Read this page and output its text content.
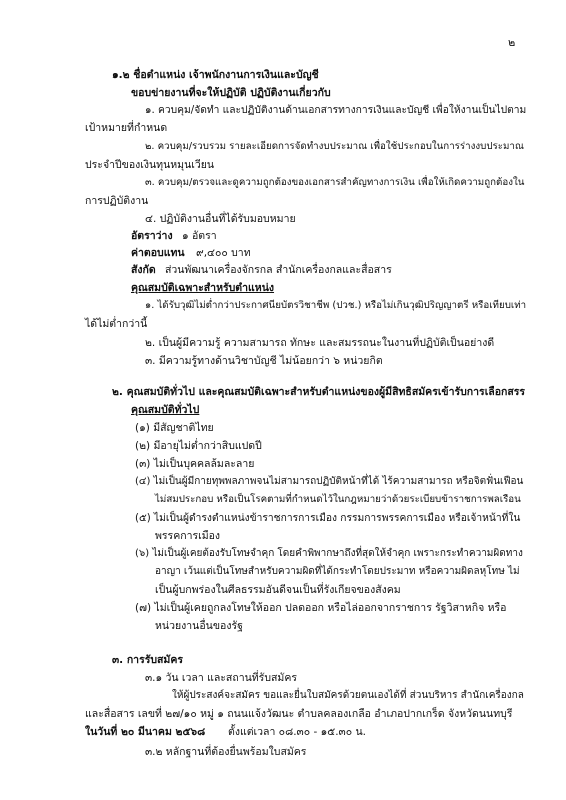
๒
๑.๒ ชื่อตำแหน่ง เจ้าพนักงานการเงินและบัญชี
ขอบข่ายงานที่จะให้ปฏิบัติ ปฏิบัติงานเกี่ยวกับ
๑. ควบคุม/จัดทำ และปฏิบัติงานด้านเอกสารทางการเงินและบัญชี เพื่อให้งานเป็นไปตาม
เป้าหมายที่กำหนด
๒. ควบคุม/รวบรวม รายละเอียดการจัดทำงบประมาณ เพื่อใช้ประกอบในการร่างงบประมาณ
ประจำปีของเงินทุนหมุนเวียน
๓. ควบคุม/ตรวจและดูความถูกต้องของเอกสารสำคัญทางการเงิน เพื่อให้เกิดความถูกต้องใน
การปฏิบัติงาน
๔. ปฏิบัติงานอื่นที่ได้รับมอบหมาย
อัตราว่าง ๑ อัตรา
ค่าตอบแทน ๙,๔๐๐ บาท
สังกัด ส่วนพัฒนาเครื่องจักรกล สำนักเครื่องกลและสื่อสาร
คุณสมบัติเฉพาะสำหรับตำแหน่ง
๑. ได้รับวุฒิไม่ต่ำกว่าประกาศนียบัตรวิชาชีพ (ปวช.) หรือไม่เกินวุฒิปริญญาตรี หรือเทียบเท่า
ได้ไม่ต่ำกว่านี้
๒. เป็นผู้มีความรู้ ความสามารถ ทักษะ และสมรรถนะในงานที่ปฏิบัติเป็นอย่างดี
๓. มีความรู้ทางด้านวิชาบัญชี ไม่น้อยกว่า ๖ หน่วยกิต
๒. คุณสมบัติทั่วไป และคุณสมบัติเฉพาะสำหรับตำแหน่งของผู้มีสิทธิสมัครเข้ารับการเลือกสรร
คุณสมบัติทั่วไป
(๑) มีสัญชาติไทย
(๒) มีอายุไม่ต่ำกว่าสิบแปดปี
(๓) ไม่เป็นบุคคลล้มละลาย
(๔) ไม่เป็นผู้มีกายทุพพลภาพจนไม่สามารถปฏิบัติหน้าที่ได้ ไร้ความสามารถ หรือจิตฟั่นเฟือน
ไม่สมประกอบ หรือเป็นโรคตามที่กำหนดไว้ในกฎหมายว่าด้วยระเบียบข้าราชการพลเรือน
(๕) ไม่เป็นผู้ดำรงตำแหน่งข้าราชการการเมือง กรรมการพรรคการเมือง หรือเจ้าหน้าที่ใน
พรรคการเมือง
(๖) ไม่เป็นผู้เคยต้องรับโทษจำคุก โดยคำพิพากษาถึงที่สุดให้จำคุก เพราะกระทำความผิดทาง
อาญา เว้นแต่เป็นโทษสำหรับความผิดที่ได้กระทำโดยประมาท หรือความผิดลหุโทษ ไม่
เป็นผู้บกพร่องในศีลธรรมอันดีจนเป็นที่รังเกียจของสังคม
(๗) ไม่เป็นผู้เคยถูกลงโทษให้ออก ปลดออก หรือไล่ออกจากราชการ รัฐวิสาหกิจ หรือ
หน่วยงานอื่นของรัฐ
๓. การรับสมัคร
๓.๑ วัน เวลา และสถานที่รับสมัคร
ให้ผู้ประสงค์จะสมัคร ขอและยื่นใบสมัครด้วยตนเองได้ที่ ส่วนบริหาร สำนักเครื่องกล
และสื่อสาร เลขที่ ๒๗/๑๐ หมู่ ๑ ถนนแจ้งวัฒนะ ตำบลคลองเกลือ อำเภอปากเกร็ด จังหวัดนนทบุรี
ในวันที่ ๒๐ มีนาคม ๒๕๖๘ ตั้งแต่เวลา ๐๘.๓๐ - ๑๕.๓๐ น.
๓.๒ หลักฐานที่ต้องยื่นพร้อมใบสมัคร
